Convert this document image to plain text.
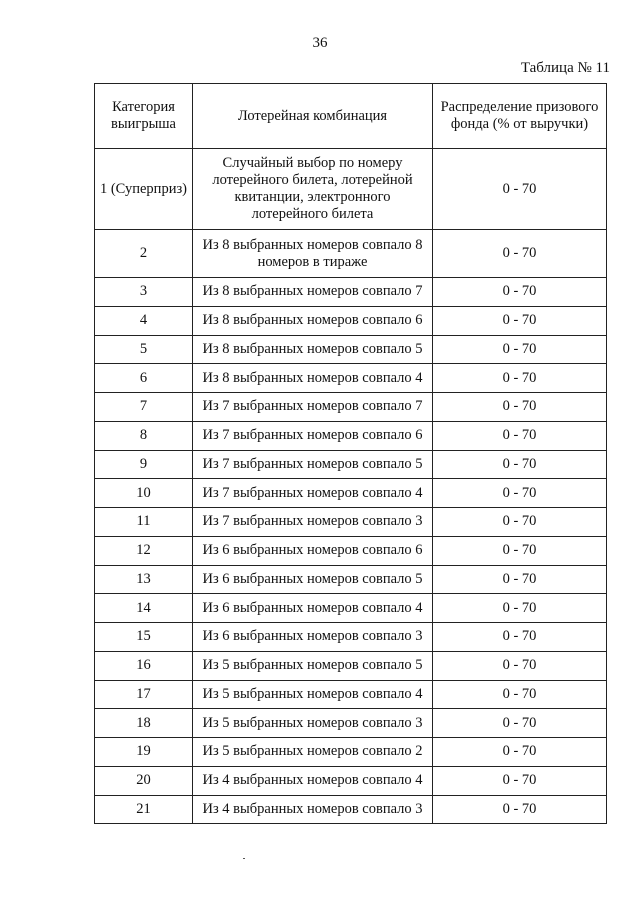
36
Таблица № 11
Категория выигрыша	Лотерейная комбинация	Распределение призового фонда (% от выручки)
1 (Суперприз)	Случайный выбор по номеру лотерейного билета, лотерейной квитанции, электронного лотерейного билета	0 - 70
2	Из 8 выбранных номеров совпало 8 номеров в тираже	0 - 70
3	Из 8 выбранных номеров совпало 7	0 - 70
4	Из 8 выбранных номеров совпало 6	0 - 70
5	Из 8 выбранных номеров совпало 5	0 - 70
6	Из 8 выбранных номеров совпало 4	0 - 70
7	Из 7 выбранных номеров совпало 7	0 - 70
8	Из 7 выбранных номеров совпало 6	0 - 70
9	Из 7 выбранных номеров совпало 5	0 - 70
10	Из 7 выбранных номеров совпало 4	0 - 70
11	Из 7 выбранных номеров совпало 3	0 - 70
12	Из 6 выбранных номеров совпало 6	0 - 70
13	Из 6 выбранных номеров совпало 5	0 - 70
14	Из 6 выбранных номеров совпало 4	0 - 70
15	Из 6 выбранных номеров совпало 3	0 - 70
16	Из 5 выбранных номеров совпало 5	0 - 70
17	Из 5 выбранных номеров совпало 4	0 - 70
18	Из 5 выбранных номеров совпало 3	0 - 70
19	Из 5 выбранных номеров совпало 2	0 - 70
20	Из 4 выбранных номеров совпало 4	0 - 70
21	Из 4 выбранных номеров совпало 3	0 - 70
